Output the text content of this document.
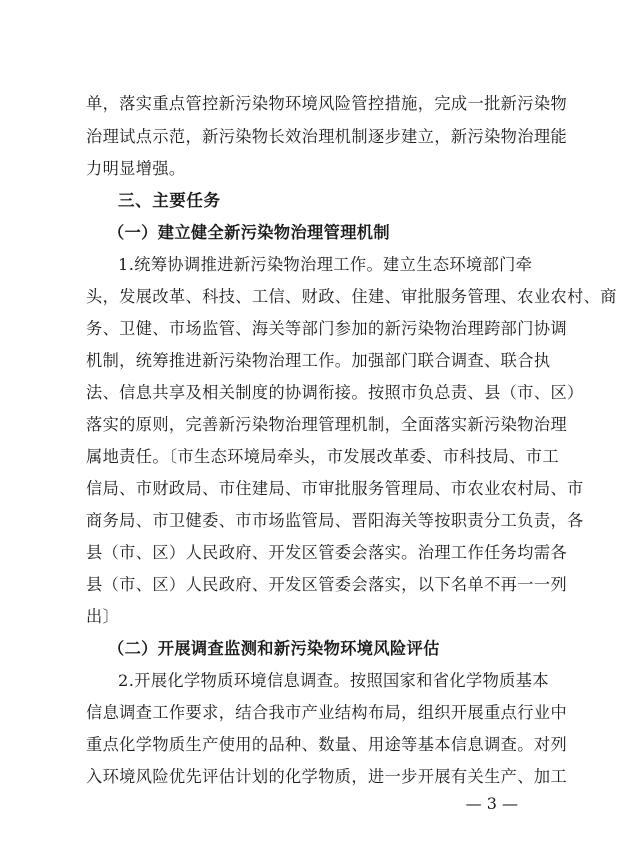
单，落实重点管控新污染物环境风险管控措施，完成一批新污染物
治理试点示范，新污染物长效治理机制逐步建立，新污染物治理能
力明显增强。
三、主要任务
（一）建立健全新污染物治理管理机制
1.统筹协调推进新污染物治理工作。建立生态环境部门牵
头，发展改革、科技、工信、财政、住建、审批服务管理、农业农村、商
务、卫健、市场监管、海关等部门参加的新污染物治理跨部门协调
机制，统筹推进新污染物治理工作。加强部门联合调查、联合执
法、信息共享及相关制度的协调衔接。按照市负总责、县（市、区）
落实的原则，完善新污染物治理管理机制，全面落实新污染物治理
属地责任。〔市生态环境局牵头，市发展改革委、市科技局、市工
信局、市财政局、市住建局、市审批服务管理局、市农业农村局、市
商务局、市卫健委、市市场监管局、晋阳海关等按职责分工负责，各
县（市、区）人民政府、开发区管委会落实。治理工作任务均需各
县（市、区）人民政府、开发区管委会落实，以下名单不再一一列
出〕
（二）开展调查监测和新污染物环境风险评估
2.开展化学物质环境信息调查。按照国家和省化学物质基本
信息调查工作要求，结合我市产业结构布局，组织开展重点行业中
重点化学物质生产使用的品种、数量、用途等基本信息调查。对列
入环境风险优先评估计划的化学物质，进一步开展有关生产、加工
— 3 —
